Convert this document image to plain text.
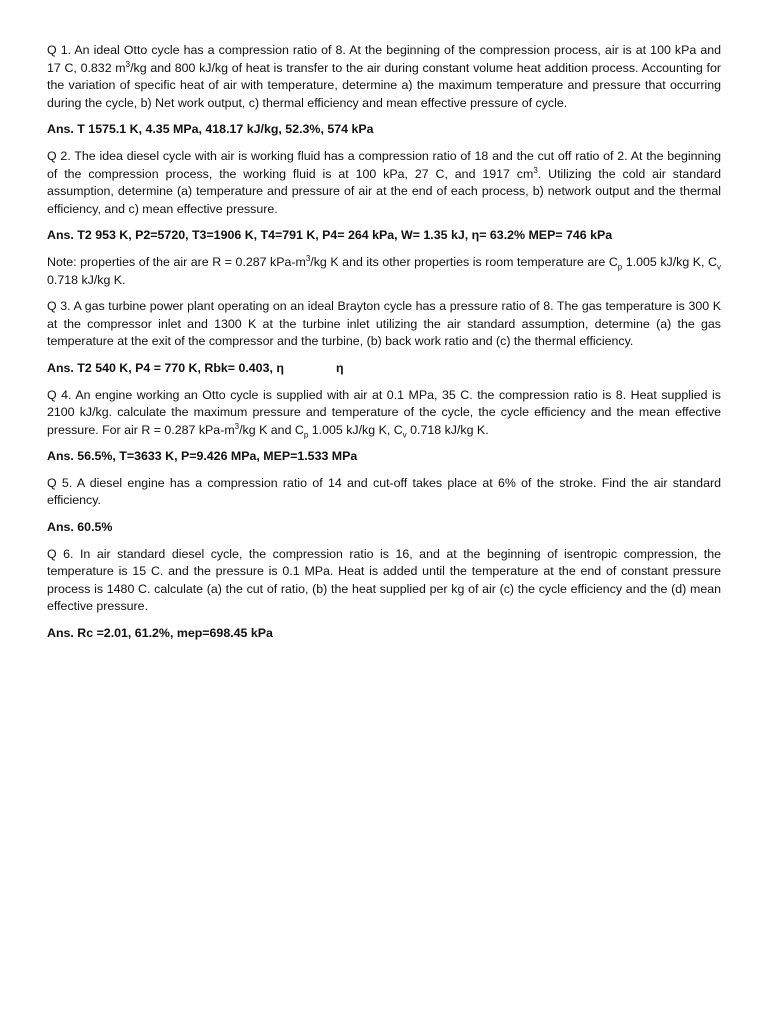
Q 1. An ideal Otto cycle has a compression ratio of 8. At the beginning of the compression process, air is at 100 kPa and 17 C, 0.832 $m^3/kg$ and 800 kJ/kg of heat is transfer to the air during constant volume heat addition process. Accounting for the variation of specific heat of air with temperature, determine a) the maximum temperature and pressure that occurring during the cycle, b) Net work output, c) thermal efficiency and mean effective pressure of cycle.

Ans. T 1575.1 K, 4.35 MPa, 418.17 kJ/kg, 52.3%, 574 kPa

Q 2. The idea diesel cycle with air is working fluid has a compression ratio of 18 and the cut off ratio of 2. At the beginning of the compression process, the working fluid is at 100 kPa, 27 C, and 1917 $cm^3$. Utilizing the cold air standard assumption, determine (a) temperature and pressure of air at the end of each process, b) network output and the thermal efficiency, and c) mean effective pressure.

Ans. T2 953 K, P2=5720, T3=1906 K, T4=791 K, P4= 264 kPa, W= 1.35 kJ, η= 63.2% MEP= 746 kPa

Note: properties of the air are R = 0.287 kPa-$m^3/kg$ K and its other properties is room temperature are $C_p$ 1.005 kJ/kg K, $C_v$ 0.718 kJ/kg K.

Q 3. A gas turbine power plant operating on an ideal Brayton cycle has a pressure ratio of 8. The gas temperature is 300 K at the compressor inlet and 1300 K at the turbine inlet utilizing the air standard assumption, determine (a) the gas temperature at the exit of the compressor and the turbine, (b) back work ratio and (c) the thermal efficiency.

Ans. T2 540 K, P4 = 770 K, Rbk= 0.403, η	η

Q 4. An engine working an Otto cycle is supplied with air at 0.1 MPa, 35 C. the compression ratio is 8. Heat supplied is 2100 kJ/kg. calculate the maximum pressure and temperature of the cycle, the cycle efficiency and the mean effective pressure. For air R = 0.287 kPa-$m^3/kg$ K and $C_p$ 1.005 kJ/kg K, $C_v$ 0.718 kJ/kg K.

Ans. 56.5%, T=3633 K, P=9.426 MPa, MEP=1.533 MPa

Q 5. A diesel engine has a compression ratio of 14 and cut-off takes place at 6% of the stroke. Find the air standard efficiency.

Ans. 60.5%

Q 6. In air standard diesel cycle, the compression ratio is 16, and at the beginning of isentropic compression, the temperature is 15 C. and the pressure is 0.1 MPa. Heat is added until the temperature at the end of constant pressure process is 1480 C. calculate (a) the cut of ratio, (b) the heat supplied per kg of air (c) the cycle efficiency and the (d) mean effective pressure.

Ans. Rc =2.01, 61.2%, mep=698.45 kPa
